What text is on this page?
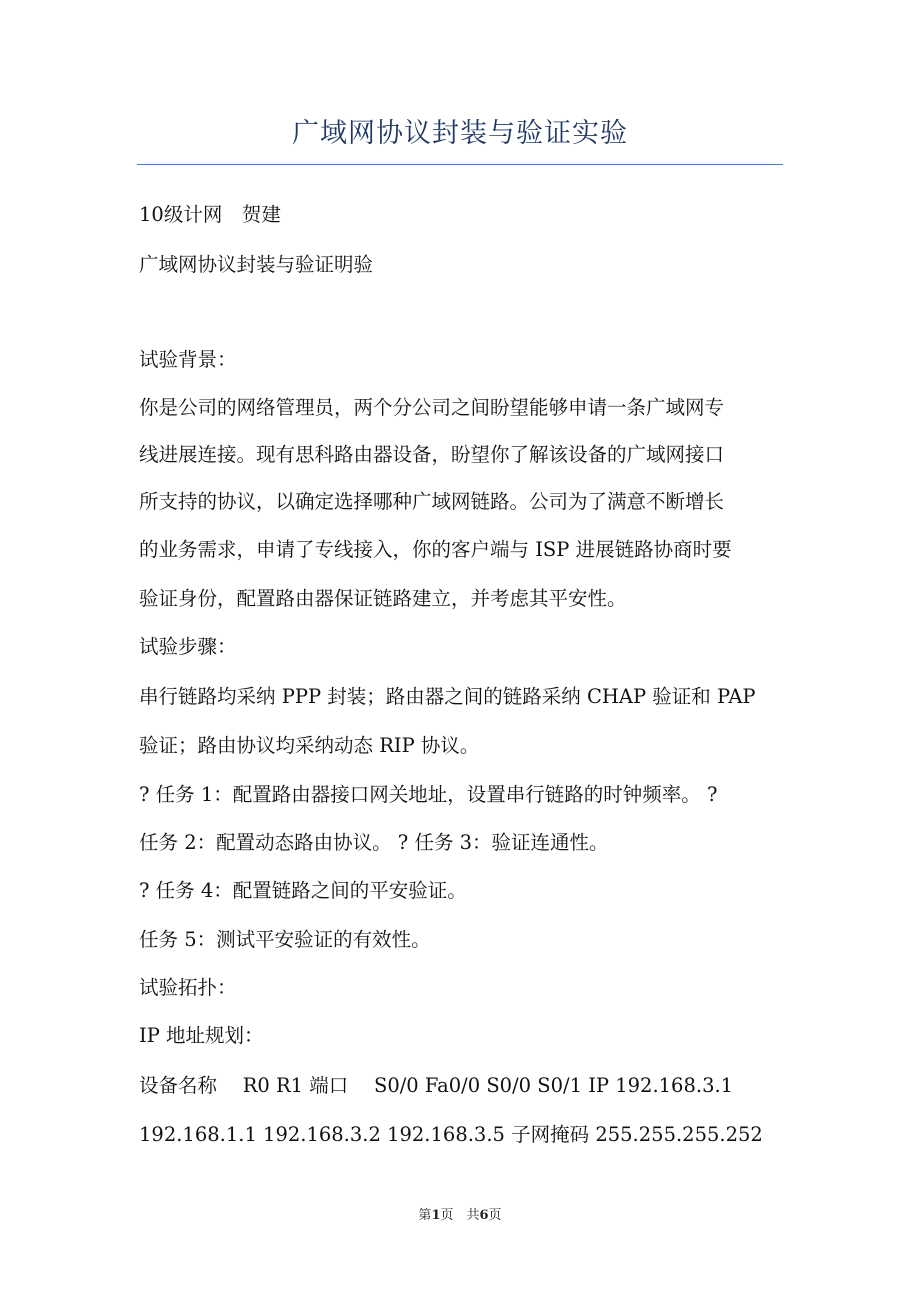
广域网协议封装与验证实验
10级计网　贺建
广域网协议封装与验证明验
试验背景：
你是公司的网络管理员，两个分公司之间盼望能够申请一条广域网专
线进展连接。现有思科路由器设备，盼望你了解该设备的广域网接口
所支持的协议，以确定选择哪种广域网链路。公司为了满意不断增长
的业务需求，申请了专线接入，你的客户端与 ISP 进展链路协商时要
验证身份，配置路由器保证链路建立，并考虑其平安性。
试验步骤：
串行链路均采纳 PPP 封装；路由器之间的链路采纳 CHAP 验证和 PAP
验证；路由协议均采纳动态 RIP 协议。
? 任务 1：配置路由器接口网关地址，设置串行链路的时钟频率。 ?
任务 2：配置动态路由协议。 ? 任务 3：验证连通性。
? 任务 4：配置链路之间的平安验证。
任务 5：测试平安验证的有效性。
试验拓扑：
IP 地址规划：
设备名称　 R0 R1 端口　 S0/0 Fa0/0 S0/0 S0/1 IP 192.168.3.1
192.168.1.1 192.168.3.2 192.168.3.5 子网掩码 255.255.255.252
第1页　共6页
